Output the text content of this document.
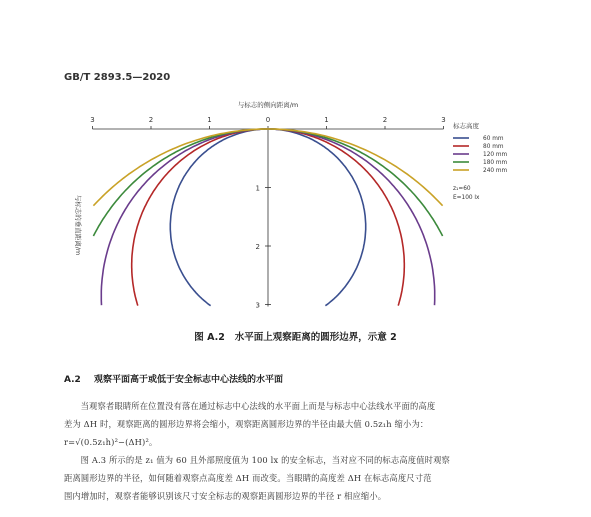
GB/T 2893.5—2020
3	2	1	0	1	2	3
与标志的侧向距离/m
1
2
3
与标志的垂直距离/m
标志高度
60 mm
80 mm
120 mm
180 mm
240 mm
z₁=60
E=100 lx
图 A.2 水平面上观察距离的圆形边界，示意 2
A.2 观察平面高于或低于安全标志中心法线的水平面

当观察者眼睛所在位置没有落在通过标志中心法线的水平面上而是与标志中心法线水平面的高度

差为 ΔH 时，观察距离的圆形边界将会缩小，观察距离圆形边界的半径由最大值 0.5z₁h 缩小为：

r=√(0.5z₁h)²−(ΔH)²。

图 A.3 所示的是 z₁ 值为 60 且外部照度值为 100 lx 的安全标志，当对应不同的标志高度值时观察

距离圆形边界的半径，如何随着观察点高度差 ΔH 而改变。当眼睛的高度差 ΔH 在标志高度尺寸范

围内增加时，观察者能够识别该尺寸安全标志的观察距离圆形边界的半径 r 相应缩小。
